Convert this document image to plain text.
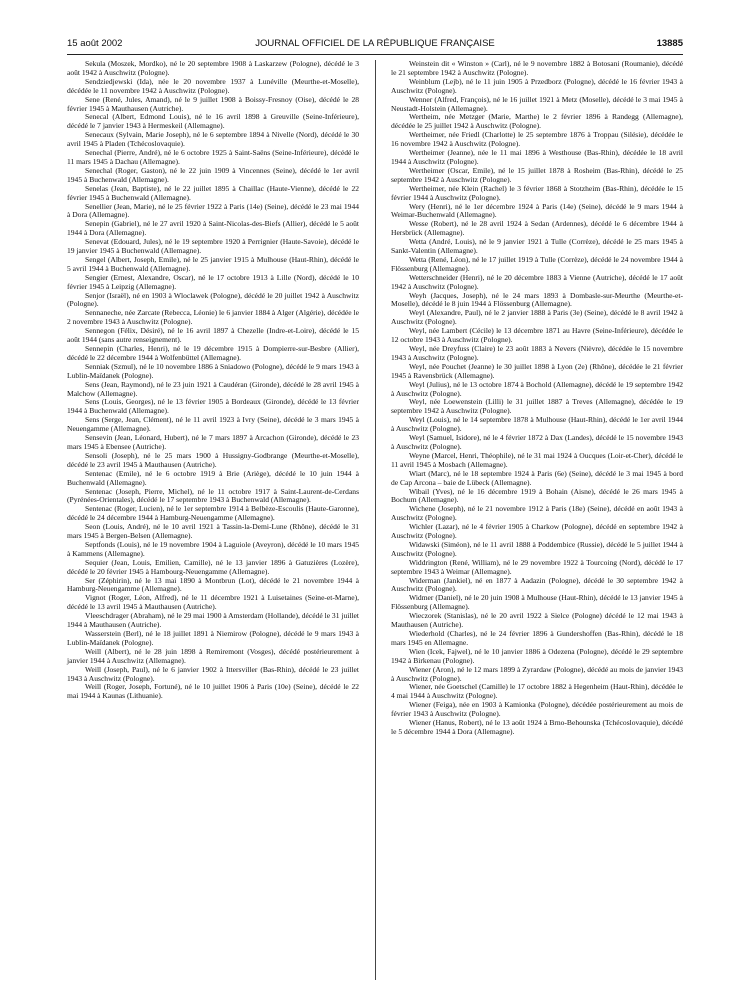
15 août 2002	JOURNAL OFFICIEL DE LA RÉPUBLIQUE FRANÇAISE	13885

Sekula (Moszek, Mordko), né le 20 septembre 1908 à Laskarzew (Pologne), décédé le 3 août 1942 à Auschwitz (Pologne).

Sendziedjewski (Ida), née le 20 novembre 1937 à Lunéville (Meurthe-et-Moselle), décédée le 11 novembre 1942 à Auschwitz (Pologne).

Sene (René, Jules, Amand), né le 9 juillet 1908 à Boissy-Fresnoy (Oise), décédé le 28 février 1945 à Mauthausen (Autriche).

Senecal (Albert, Edmond Louis), né le 16 avril 1898 à Greuville (Seine-Inférieure), décédé le 7 janvier 1943 à Hermeskeil (Allemagne).

Senecaux (Sylvain, Marie Joseph), né le 6 septembre 1894 à Nivelle (Nord), décédé le 30 avril 1945 à Pladen (Tchécoslovaquie).

Senechal (Pierre, André), né le 6 octobre 1925 à Saint-Saëns (Seine-Inférieure), décédé le 11 mars 1945 à Dachau (Allemagne).

Senechal (Roger, Gaston), né le 22 juin 1909 à Vincennes (Seine), décédé le 1er avril 1945 à Buchenwald (Allemagne).

Senelas (Jean, Baptiste), né le 22 juillet 1895 à Chaillac (Haute-Vienne), décédé le 22 février 1945 à Buchenwald (Allemagne).

Senellier (Jean, Marie), né le 25 février 1922 à Paris (14e) (Seine), décédé le 23 mai 1944 à Dora (Allemagne).

Senepin (Gabriel), né le 27 avril 1920 à Saint-Nicolas-des-Biefs (Allier), décédé le 5 août 1944 à Dora (Allemagne).

Senevat (Edouard, Jules), né le 19 septembre 1920 à Perrignier (Haute-Savoie), décédé le 19 janvier 1945 à Buchenwald (Allemagne).

Sengel (Albert, Joseph, Emile), né le 25 janvier 1915 à Mulhouse (Haut-Rhin), décédé le 5 avril 1944 à Buchenwald (Allemagne).

Sengier (Ernest, Alexandre, Oscar), né le 17 octobre 1913 à Lille (Nord), décédé le 10 février 1945 à Leipzig (Allemagne).

Senjor (Israël), né en 1903 à Wloclawek (Pologne), décédé le 20 juillet 1942 à Auschwitz (Pologne).

Sennaneche, née Zarcate (Rebecca, Léonie) le 6 janvier 1884 à Alger (Algérie), décédée le 2 novembre 1943 à Auschwitz (Pologne).

Sennegon (Félix, Désiré), né le 16 avril 1897 à Chezelle (Indre-et-Loire), décédé le 15 août 1944 (sans autre renseignement).

Sennepin (Charles, Henri), né le 19 décembre 1915 à Dompierre-sur-Besbre (Allier), décédé le 22 décembre 1944 à Wolfenbüttel (Allemagne).

Senniak (Szmul), né le 10 novembre 1886 à Sniadowo (Pologne), décédé le 9 mars 1943 à Lublin-Maïdanek (Pologne).

Sens (Jean, Raymond), né le 23 juin 1921 à Caudéran (Gironde), décédé le 28 avril 1945 à Malchow (Allemagne).

Sens (Louis, Georges), né le 13 février 1905 à Bordeaux (Gironde), décédé le 13 février 1944 à Buchenwald (Allemagne).

Sens (Serge, Jean, Clément), né le 11 avril 1923 à Ivry (Seine), décédé le 3 mars 1945 à Neuengamme (Allemagne).

Sensevin (Jean, Léonard, Hubert), né le 7 mars 1897 à Arcachon (Gironde), décédé le 23 mars 1945 à Ebensee (Autriche).

Sensoli (Joseph), né le 25 mars 1900 à Hussigny-Godbrange (Meurthe-et-Moselle), décédé le 23 avril 1945 à Mauthausen (Autriche).

Sentenac (Emile), né le 6 octobre 1919 à Brie (Ariège), décédé le 10 juin 1944 à Buchenwald (Allemagne).

Sentenac (Joseph, Pierre, Michel), né le 11 octobre 1917 à Saint-Laurent-de-Cerdans (Pyrénées-Orientales), décédé le 17 septembre 1943 à Buchenwald (Allemagne).

Sentenac (Roger, Lucien), né le 1er septembre 1914 à Belbèze-Escoulis (Haute-Garonne), décédé le 24 décembre 1944 à Hamburg-Neuengamme (Allemagne).

Seon (Louis, André), né le 10 avril 1921 à Tassin-la-Demi-Lune (Rhône), décédé le 31 mars 1945 à Bergen-Belsen (Allemagne).

Septfonds (Louis), né le 19 novembre 1904 à Laguiole (Aveyron), décédé le 10 mars 1945 à Kammens (Allemagne).

Sequier (Jean, Louis, Emilien, Camille), né le 13 janvier 1896 à Gatuzières (Lozère), décédé le 20 février 1945 à Hambourg-Neuengamme (Allemagne).

Ser (Zéphirin), né le 13 mai 1890 à Montbrun (Lot), décédé le 21 novembre 1944 à Hamburg-Neuengamme (Allemagne).

Vignot (Roger, Léon, Alfred), né le 11 décembre 1921 à Luisetaines (Seine-et-Marne), décédé le 13 avril 1945 à Mauthausen (Autriche).

Vleeschdrager (Abraham), né le 29 mai 1900 à Amsterdam (Hollande), décédé le 31 juillet 1944 à Mauthausen (Autriche).

Wasserstein (Berl), né le 18 juillet 1891 à Niemirow (Pologne), décédé le 9 mars 1943 à Lublin-Maïdanek (Pologne).

Weill (Albert), né le 28 juin 1898 à Remiremont (Vosges), décédé postérieurement à janvier 1944 à Auschwitz (Allemagne).

Weill (Joseph, Paul), né le 6 janvier 1902 à Ittersviller (Bas-Rhin), décédé le 23 juillet 1943 à Auschwitz (Pologne).

Weill (Roger, Joseph, Fortuné), né le 10 juillet 1906 à Paris (10e) (Seine), décédé le 22 mai 1944 à Kaunas (Lithuanie).

Weinstein dit « Winston » (Carl), né le 9 novembre 1882 à Botosani (Roumanie), décédé le 21 septembre 1942 à Auschwitz (Pologne).

Weinblum (Lejb), né le 11 juin 1905 à Przedborz (Pologne), décédé le 16 février 1943 à Auschwitz (Pologne).

Wenner (Alfred, François), né le 16 juillet 1921 à Metz (Moselle), décédé le 3 mai 1945 à Neustadt-Holstein (Allemagne).

Wertheim, née Metzger (Marie, Marthe) le 2 février 1896 à Randegg (Allemagne), décédée le 25 juillet 1942 à Auschwitz (Pologne).

Wertheimer, née Friedl (Charlotte) le 25 septembre 1876 à Troppau (Silésie), décédée le 16 novembre 1942 à Auschwitz (Pologne).

Wertheimer (Jeanne), née le 11 mai 1896 à Westhouse (Bas-Rhin), décédée le 18 avril 1944 à Auschwitz (Pologne).

Wertheimer (Oscar, Emile), né le 15 juillet 1878 à Rosheim (Bas-Rhin), décédé le 25 septembre 1942 à Auschwitz (Pologne).

Wertheimer, née Klein (Rachel) le 3 février 1868 à Stotzheim (Bas-Rhin), décédée le 15 février 1944 à Auschwitz (Pologne).

Wery (Henri), né le 1er décembre 1924 à Paris (14e) (Seine), décédé le 9 mars 1944 à Weimar-Buchenwald (Allemagne).

Wesse (Robert), né le 28 avril 1924 à Sedan (Ardennes), décédé le 6 décembre 1944 à Hersbrück (Allemagne).

Wetta (André, Louis), né le 9 janvier 1921 à Tulle (Corrèze), décédé le 25 mars 1945 à Sankt-Valentin (Allemagne).

Wetta (René, Léon), né le 17 juillet 1919 à Tulle (Corrèze), décédé le 24 novembre 1944 à Flössenburg (Allemagne).

Wetterschneider (Henri), né le 20 décembre 1883 à Vienne (Autriche), décédé le 17 août 1942 à Auschwitz (Pologne).

Weyh (Jacques, Joseph), né le 24 mars 1893 à Dombasle-sur-Meurthe (Meurthe-et-Moselle), décédé le 8 juin 1944 à Flössenburg (Allemagne).

Weyl (Alexandre, Paul), né le 2 janvier 1888 à Paris (3e) (Seine), décédé le 8 avril 1942 à Auschwitz (Pologne).

Weyl, née Lambert (Cécile) le 13 décembre 1871 au Havre (Seine-Inférieure), décédée le 12 octobre 1943 à Auschwitz (Pologne).

Weyl, née Dreyfuss (Claire) le 23 août 1883 à Nevers (Nièvre), décédée le 15 novembre 1943 à Auschwitz (Pologne).

Weyl, née Pouchet (Jeanne) le 30 juillet 1898 à Lyon (2e) (Rhône), décédée le 21 février 1945 à Ravensbrück (Allemagne).

Weyl (Julius), né le 13 octobre 1874 à Bochold (Allemagne), décédé le 19 septembre 1942 à Auschwitz (Pologne).

Weyl, née Loewenstein (Lilli) le 31 juillet 1887 à Treves (Allemagne), décédée le 19 septembre 1942 à Auschwitz (Pologne).

Weyl (Louis), né le 14 septembre 1878 à Mulhouse (Haut-Rhin), décédé le 1er avril 1944 à Auschwitz (Pologne).

Weyl (Samuel, Isidore), né le 4 février 1872 à Dax (Landes), décédé le 15 novembre 1943 à Auschwitz (Pologne).

Weyne (Marcel, Henri, Théophile), né le 31 mai 1924 à Oucques (Loir-et-Cher), décédé le 11 avril 1945 à Mosbach (Allemagne).

Wiart (Marc), né le 18 septembre 1924 à Paris (6e) (Seine), décédé le 3 mai 1945 à bord de Cap Arcona – baie de Lübeck (Allemagne).

Wibail (Yves), né le 16 décembre 1919 à Bohain (Aisne), décédé le 26 mars 1945 à Bochum (Allemagne).

Wichene (Joseph), né le 21 novembre 1912 à Paris (18e) (Seine), décédé en août 1943 à Auschwitz (Pologne).

Wichler (Lazar), né le 4 février 1905 à Charkow (Pologne), décédé en septembre 1942 à Auschwitz (Pologne).

Widawski (Siméon), né le 11 avril 1888 à Poddembice (Russie), décédé le 5 juillet 1944 à Auschwitz (Pologne).

Widdrington (René, William), né le 29 novembre 1922 à Tourcoing (Nord), décédé le 17 septembre 1943 à Weimar (Allemagne).

Widerman (Jankiel), né en 1877 à Aadazin (Pologne), décédé le 30 septembre 1942 à Auschwitz (Pologne).

Widmer (Daniel), né le 20 juin 1908 à Mulhouse (Haut-Rhin), décédé le 13 janvier 1945 à Flössenburg (Allemagne).

Wieczorek (Stanislas), né le 20 avril 1922 à Sielce (Pologne) décédé le 12 mai 1943 à Mauthausen (Autriche).

Wiederhold (Charles), né le 24 février 1896 à Gundershoffen (Bas-Rhin), décédé le 18 mars 1945 en Allemagne.

Wien (Icek, Fajwel), né le 10 janvier 1886 à Odezena (Pologne), décédé le 29 septembre 1942 à Birkenau (Pologne).

Wiener (Aron), né le 12 mars 1899 à Zyrardaw (Pologne), décédé au mois de janvier 1943 à Auschwitz (Pologne).

Wiener, née Goetschel (Camille) le 17 octobre 1882 à Hegenheim (Haut-Rhin), décédée le 4 mai 1944 à Auschwitz (Pologne).

Wiener (Feiga), née en 1903 à Kamionka (Pologne), décédée postérieurement au mois de février 1943 à Auschwitz (Pologne).

Wiener (Hanus, Robert), né le 13 août 1924 à Brno-Behounska (Tchécoslovaquie), décédé le 5 décembre 1944 à Dora (Allemagne).
